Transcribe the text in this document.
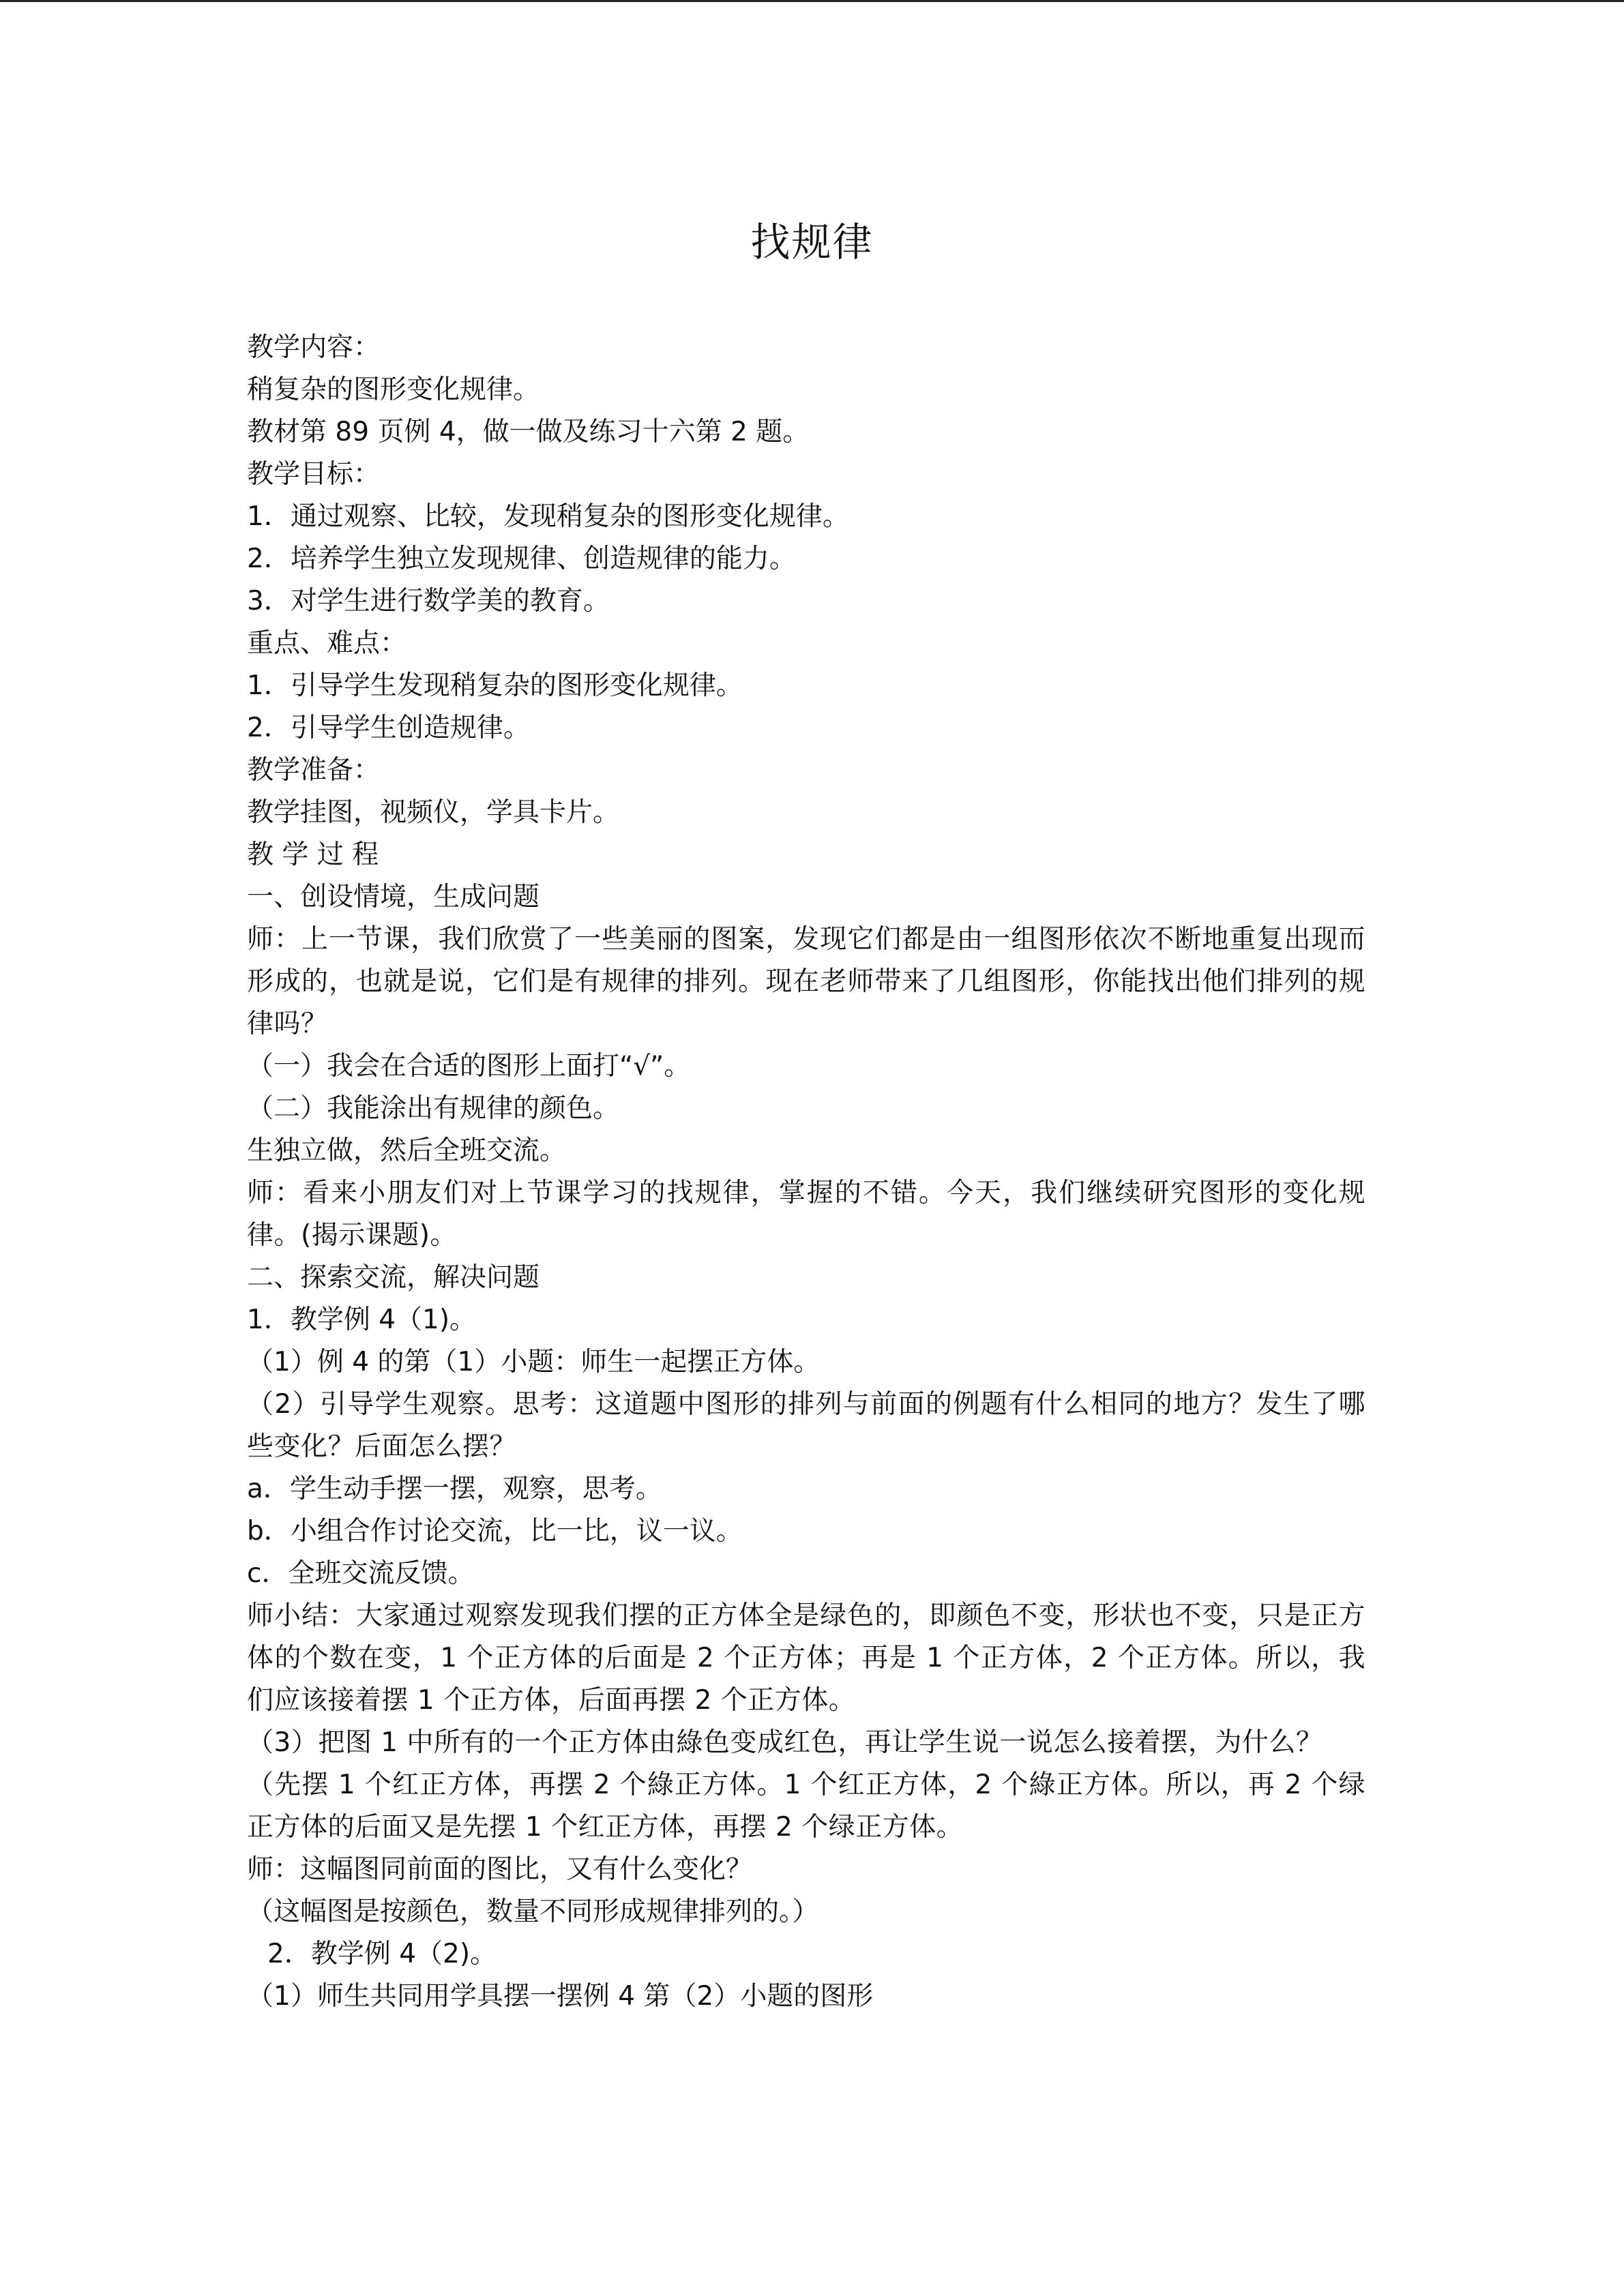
找规律
教学内容：
稍复杂的图形变化规律。
教材第 89 页例 4，做一做及练习十六第 2 题。
教学目标：
1．通过观察、比较，发现稍复杂的图形变化规律。
2．培养学生独立发现规律、创造规律的能力。
3．对学生进行数学美的教育。
重点、难点：
1．引导学生发现稍复杂的图形变化规律。
2．引导学生创造规律。
教学准备：
教学挂图，视频仪，学具卡片。
教 学 过 程
一、创设情境，生成问题
师：上一节课，我们欣赏了一些美丽的图案，发现它们都是由一组图形依次不断地重复出现而形成的，也就是说，它们是有规律的排列。现在老师带来了几组图形，你能找出他们排列的规律吗？
（一）我会在合适的图形上面打“√”。
（二）我能涂出有规律的颜色。
生独立做，然后全班交流。
师：看来小朋友们对上节课学习的找规律，掌握的不错。今天，我们继续研究图形的变化规律。(揭示课题)。
二、探索交流，解决问题
1．教学例 4（1)。
（1）例 4 的第（1）小题：师生一起摆正方体。
（2）引导学生观察。思考：这道题中图形的排列与前面的例题有什么相同的地方？发生了哪些变化？后面怎么摆？
a．学生动手摆一摆，观察，思考。
b．小组合作讨论交流，比一比，议一议。
c．全班交流反馈。
师小结：大家通过观察发现我们摆的正方体全是绿色的，即颜色不变，形状也不变，只是正方体的个数在变，1 个正方体的后面是 2 个正方体；再是 1 个正方体，2 个正方体。所以，我们应该接着摆 1 个正方体，后面再摆 2 个正方体。
（3）把图 1 中所有的一个正方体由綠色变成红色，再让学生说一说怎么接着摆，为什么？
（先摆 1 个红正方体，再摆 2 个綠正方体。1 个红正方体，2 个綠正方体。所以，再 2 个绿正方体的后面又是先摆 1 个红正方体，再摆 2 个绿正方体。
师：这幅图同前面的图比，又有什么变化？
（这幅图是按颜色，数量不同形成规律排列的。）
2．教学例 4（2)。
（1）师生共同用学具摆一摆例 4 第（2）小题的图形
